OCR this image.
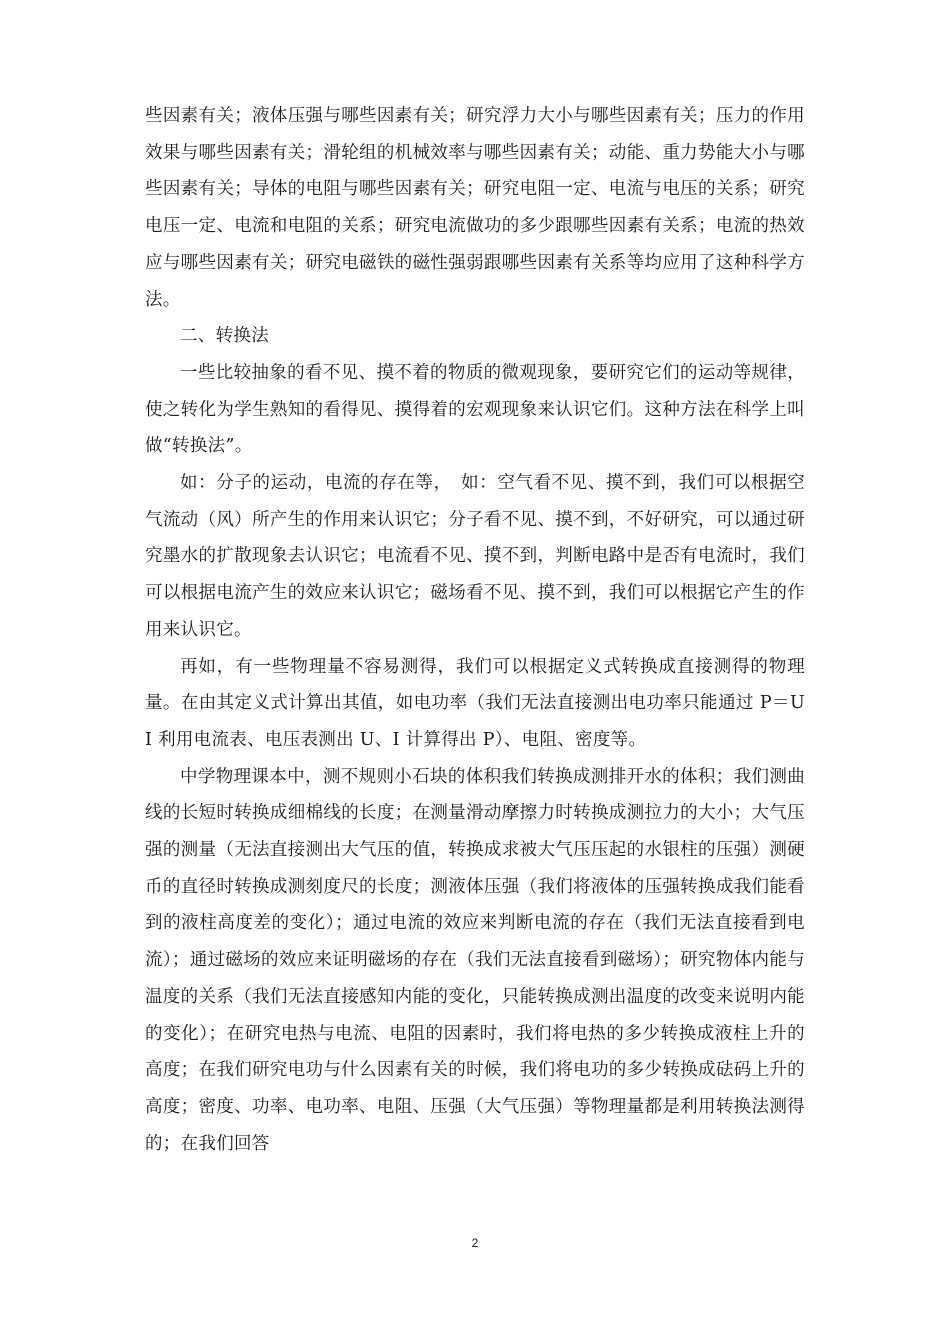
些因素有关；液体压强与哪些因素有关；研究浮力大小与哪些因素有关；压力的作用效果与哪些因素有关；滑轮组的机械效率与哪些因素有关；动能、重力势能大小与哪些因素有关；导体的电阻与哪些因素有关；研究电阻一定、电流与电压的关系；研究电压一定、电流和电阻的关系；研究电流做功的多少跟哪些因素有关系；电流的热效应与哪些因素有关；研究电磁铁的磁性强弱跟哪些因素有关系等均应用了这种科学方法。

二、转换法

一些比较抽象的看不见、摸不着的物质的微观现象，要研究它们的运动等规律，使之转化为学生熟知的看得见、摸得着的宏观现象来认识它们。这种方法在科学上叫做“转换法”。

如：分子的运动，电流的存在等，　如：空气看不见、摸不到，我们可以根据空气流动（风）所产生的作用来认识它；分子看不见、摸不到，不好研究，可以通过研究墨水的扩散现象去认识它；电流看不见、摸不到，判断电路中是否有电流时，我们可以根据电流产生的效应来认识它；磁场看不见、摸不到，我们可以根据它产生的作用来认识它。

再如，有一些物理量不容易测得，我们可以根据定义式转换成直接测得的物理量。在由其定义式计算出其值，如电功率（我们无法直接测出电功率只能通过 P＝UI 利用电流表、电压表测出 U、I 计算得出 P）、电阻、密度等。

中学物理课本中，测不规则小石块的体积我们转换成测排开水的体积；我们测曲线的长短时转换成细棉线的长度；在测量滑动摩擦力时转换成测拉力的大小；大气压强的测量（无法直接测出大气压的值，转换成求被大气压压起的水银柱的压强）测硬币的直径时转换成测刻度尺的长度；测液体压强（我们将液体的压强转换成我们能看到的液柱高度差的变化）；通过电流的效应来判断电流的存在（我们无法直接看到电流）；通过磁场的效应来证明磁场的存在（我们无法直接看到磁场）；研究物体内能与温度的关系（我们无法直接感知内能的变化，只能转换成测出温度的改变来说明内能的变化）；在研究电热与电流、电阻的因素时，我们将电热的多少转换成液柱上升的高度；在我们研究电功与什么因素有关的时候，我们将电功的多少转换成砝码上升的高度；密度、功率、电功率、电阻、压强（大气压强）等物理量都是利用转换法测得的；在我们回答

2
